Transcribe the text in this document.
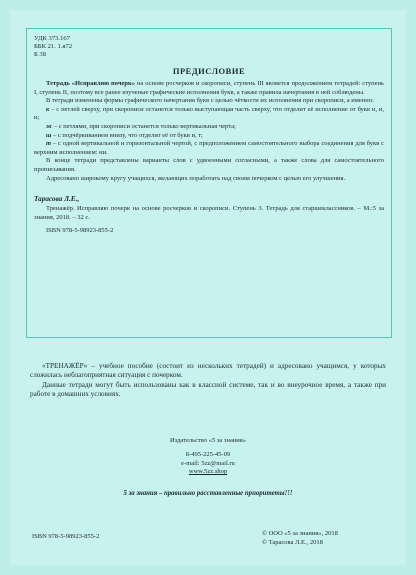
УДК 373.167
ББК 21. 1.я72
Б 38
ПРЕДИСЛОВИЕ

Тетрадь «Исправляю почерк» на основе росчерков и скорописи, ступень III является продолжением тетрадей: ступень I, ступень II, поэтому все ранее изученые графические исполнения букв, а также правила начертания в ней соблюдены.

В тетради изменены формы графического начертания букв с целью чёткости их исполнения при скорописи, а именно:

к – с петлей сверху, при скорописи останется только выступающая часть сверху, что отделит её исполнение от букв н, и, и;

ж – с петлями, при скорописи останется только вертикальная черта;

ш – с подчёркиванием внизу, что отделит её от букв и, т;

т – с одной вертикальной и горизонтальной чертой, с предположением самостоятельного выбора соединения для букв с верхним исполнением: ни.

В конце тетради представлены варианты слов с удвоенными согласными, а также слова для самостоятельного прописывания.

Адресовано широкому кругу учащихся, желающих поработать над своим почерком с целью его улучшения.

Тарасова Л.Е.,

Тренажёр. Исправляю почерк на основе росчерков и скорописи. Ступень 3. Тетрадь для старшеклассников. – М.:5 за знания, 2018. – 32 с.

ISBN 978-5-98923-855-2

«ТРЕНАЖЁР» – учебное пособие (состоит из нескольких тетрадей) и адресовано учащимся, у которых сложилась неблагоприятная ситуация с почерком.

Данные тетради могут быть использованы как в классной системе, так и во внеурочное время, а также при работе в домашних условиях.

Издательство «5 за знания»
8-495-225-45-09
e-mail: 5zz@mail.ru
www.5zz.shop
5 за знания – правильно расставленные приоритеты!!!
ISBN 978-5-98923-855-2	© ООО «5 за знания», 2018
© Тарасова Л.Е., 2018
